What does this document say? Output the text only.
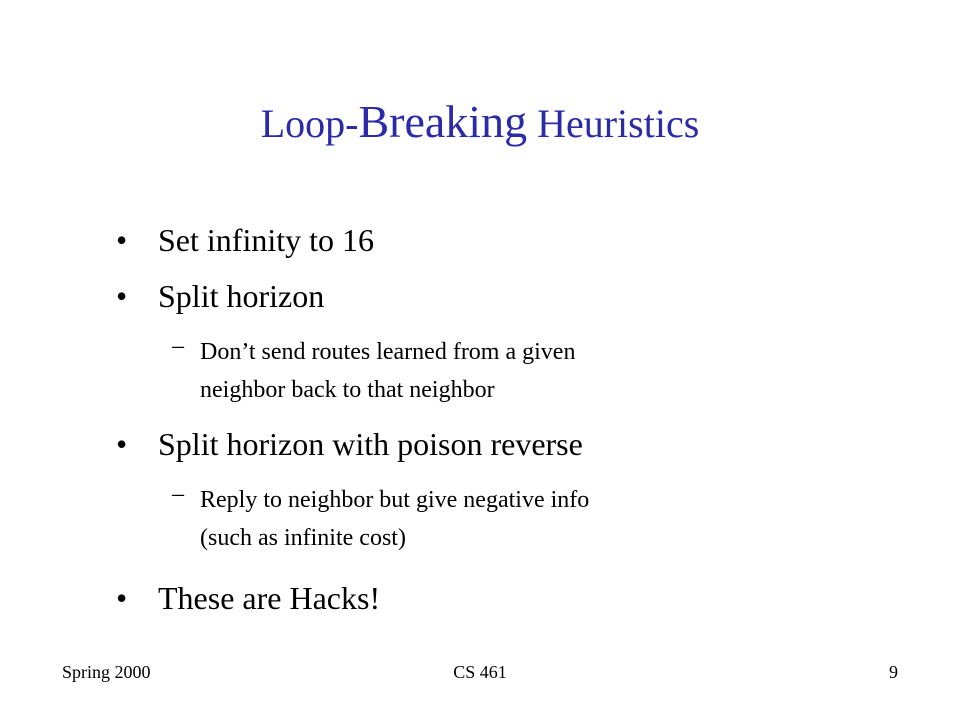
Loop-Breaking Heuristics
• Set infinity to 16
• Split horizon
– Don’t send routes learned from a given
neighbor back to that neighbor
• Split horizon with poison reverse
– Reply to neighbor but give negative info
(such as infinite cost)
• These are Hacks!
Spring 2000	CS 461	9
